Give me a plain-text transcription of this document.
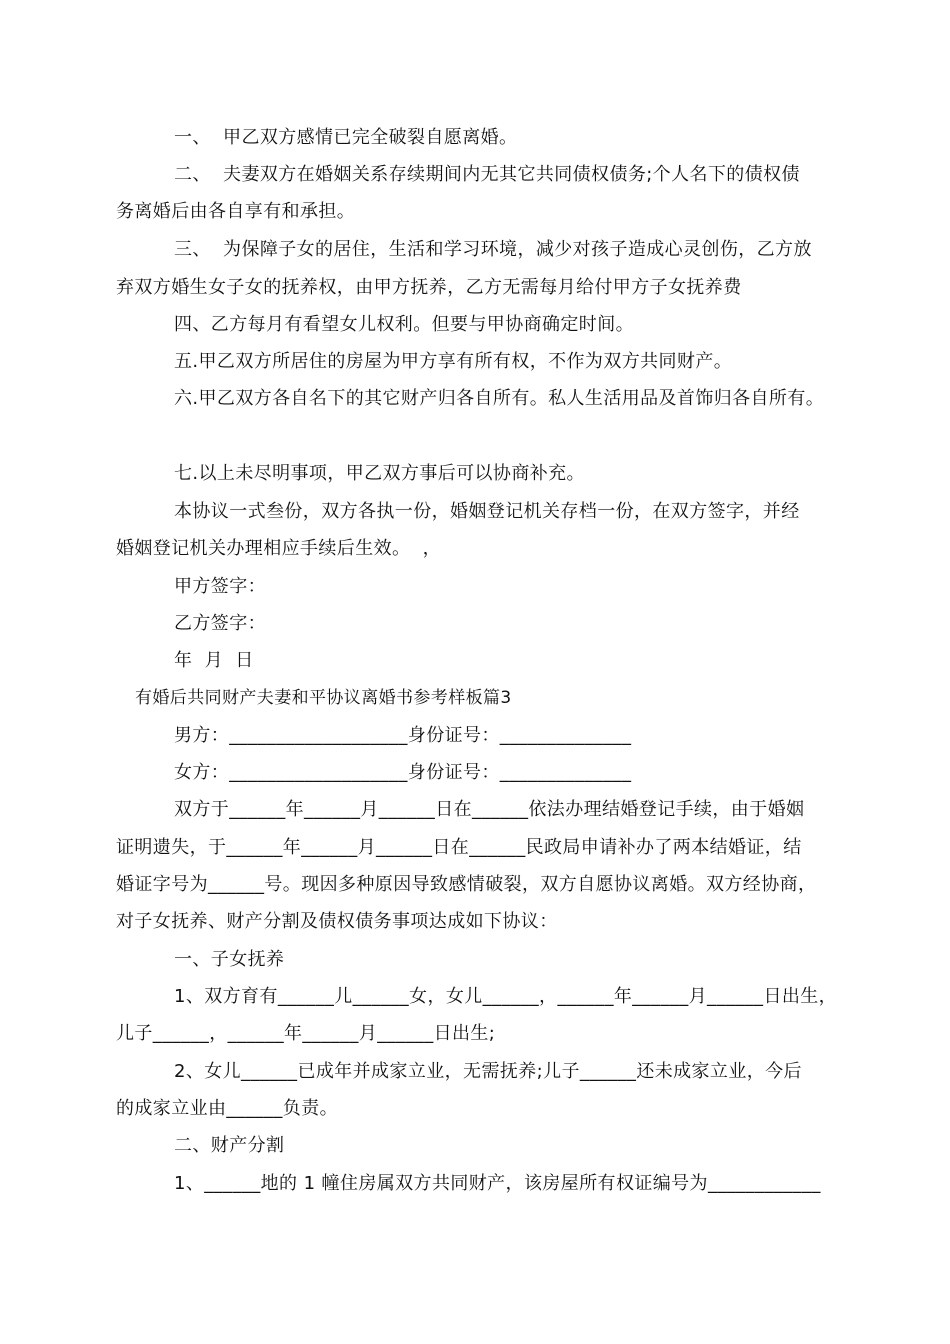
一、  甲乙双方感情已完全破裂自愿离婚。
二、  夫妻双方在婚姻关系存续期间内无其它共同债权债务;个人名下的债权债
务离婚后由各自享有和承担。
三、  为保障子女的居住，生活和学习环境，减少对孩子造成心灵创伤，乙方放
弃双方婚生女子女的抚养权，由甲方抚养，乙方无需每月给付甲方子女抚养费
四、乙方每月有看望女儿权利。但要与甲协商确定时间。
五.甲乙双方所居住的房屋为甲方享有所有权，不作为双方共同财产。
六.甲乙双方各自名下的其它财产归各自所有。私人生活用品及首饰归各自所有。
七.以上未尽明事项，甲乙双方事后可以协商补充。
本协议一式叁份，双方各执一份，婚姻登记机关存档一份，在双方签字，并经
婚姻登记机关办理相应手续后生效。  ，
甲方签字：
乙方签字：
年  月  日
有婚后共同财产夫妻和平协议离婚书参考样板篇3
男方：___________________身份证号：______________
女方：___________________身份证号：______________
双方于______年______月______日在______依法办理结婚登记手续，由于婚姻
证明遗失，于______年______月______日在______民政局申请补办了两本结婚证，结
婚证字号为______号。现因多种原因导致感情破裂，双方自愿协议离婚。双方经协商，
对子女抚养、财产分割及债权债务事项达成如下协议：
一、子女抚养
1、双方育有______儿______女，女儿______，______年______月______日出生，
儿子______，______年______月______日出生;
2、女儿______已成年并成家立业，无需抚养;儿子______还未成家立业，今后
的成家立业由______负责。
二、财产分割
1、______地的 1 幢住房属双方共同财产，该房屋所有权证编号为____________
